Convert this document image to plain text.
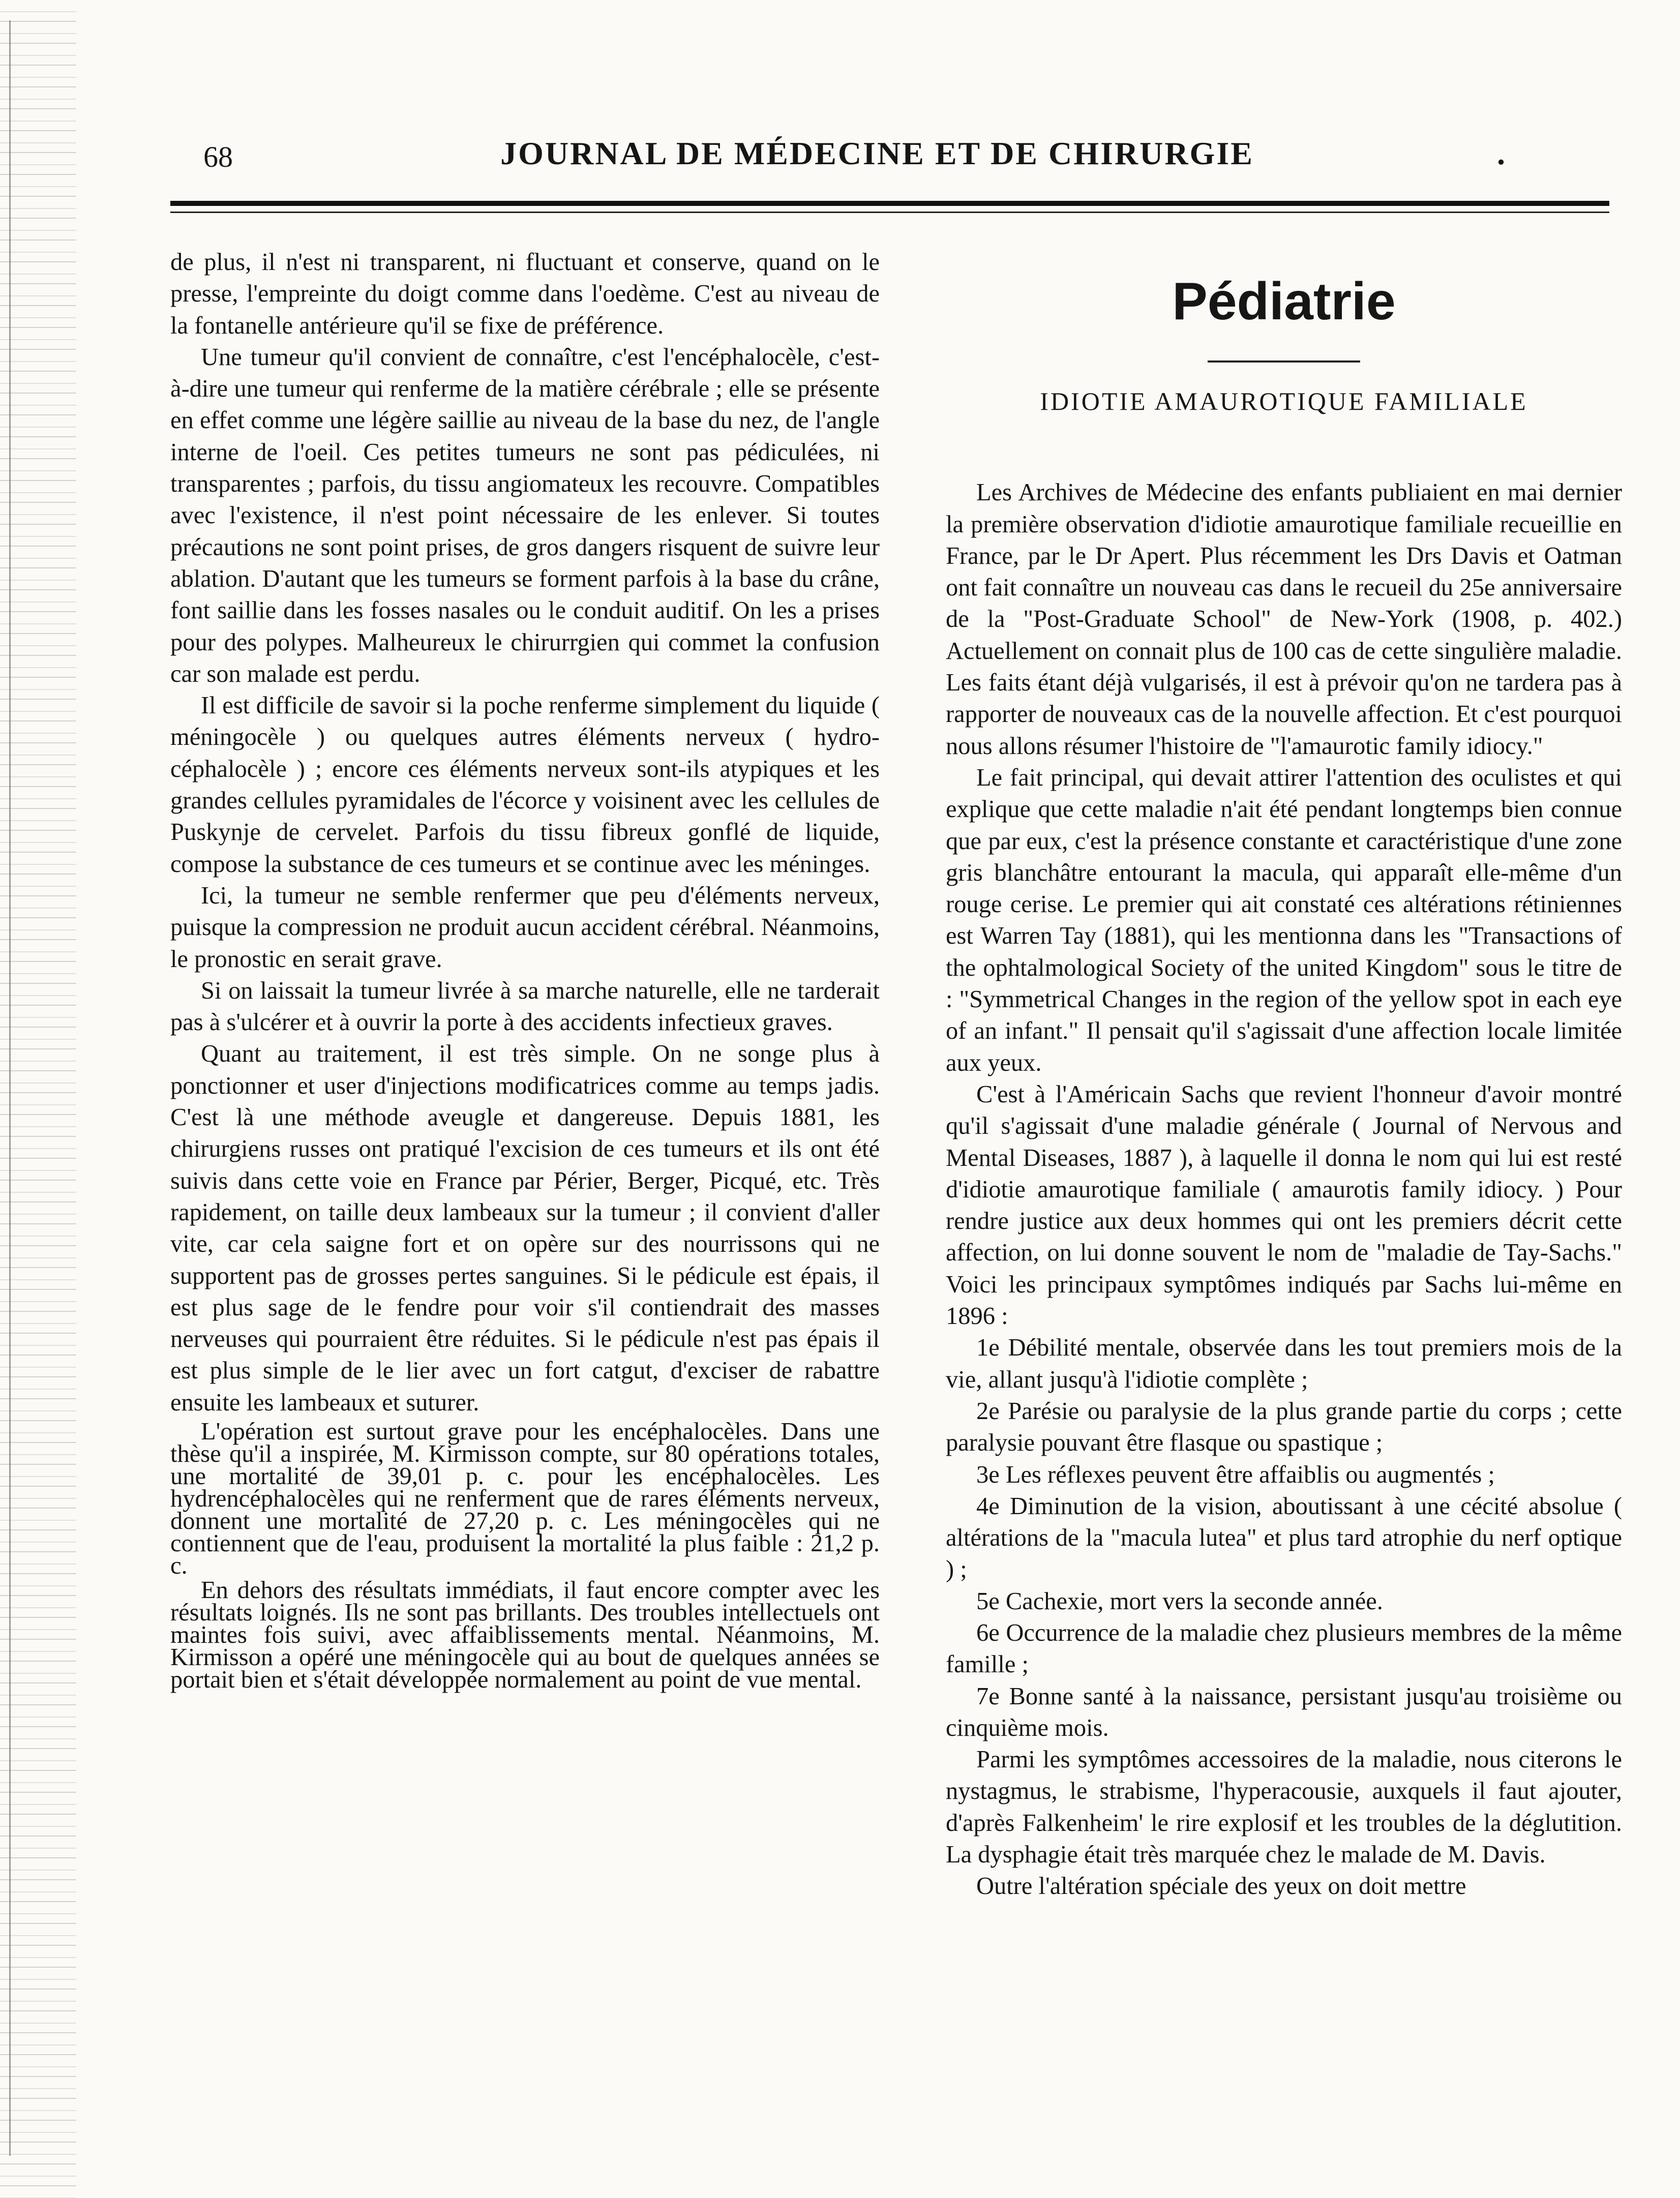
68	JOURNAL DE MÉDECINE ET DE CHIRURGIE	.

de plus, il n'est ni transparent, ni fluctuant et conserve, quand on le presse, l'empreinte du doigt comme dans l'oedème. C'est au niveau de la fontanelle antérieure qu'il se fixe de préférence.

Une tumeur qu'il convient de connaître, c'est l'encéphalocèle, c'est-à-dire une tumeur qui renferme de la matière cérébrale ; elle se présente en effet comme une légère saillie au niveau de la base du nez, de l'angle interne de l'oeil. Ces petites tumeurs ne sont pas pédiculées, ni transparentes ; parfois, du tissu angiomateux les recouvre. Compatibles avec l'existence, il n'est point nécessaire de les enlever. Si toutes précautions ne sont point prises, de gros dangers risquent de suivre leur ablation. D'autant que les tumeurs se forment parfois à la base du crâne, font saillie dans les fosses nasales ou le conduit auditif. On les a prises pour des polypes. Malheureux le chirurrgien qui commet la confusion car son malade est perdu.

Il est difficile de savoir si la poche renferme simplement du liquide ( méningocèle ) ou quelques autres éléments nerveux ( hydro-céphalocèle ) ; encore ces éléments nerveux sont-ils atypiques et les grandes cellules pyramidales de l'écorce y voisinent avec les cellules de Puskynje de cervelet. Parfois du tissu fibreux gonflé de liquide, compose la substance de ces tumeurs et se continue avec les méninges.

Ici, la tumeur ne semble renfermer que peu d'éléments nerveux, puisque la compression ne produit aucun accident cérébral. Néanmoins, le pronostic en serait grave.

Si on laissait la tumeur livrée à sa marche naturelle, elle ne tarderait pas à s'ulcérer et à ouvrir la porte à des accidents infectieux graves.

Quant au traitement, il est très simple. On ne songe plus à ponctionner et user d'injections modificatrices comme au temps jadis. C'est là une méthode aveugle et dangereuse. Depuis 1881, les chirurgiens russes ont pratiqué l'excision de ces tumeurs et ils ont été suivis dans cette voie en France par Périer, Berger, Picqué, etc. Très rapidement, on taille deux lambeaux sur la tumeur ; il convient d'aller vite, car cela saigne fort et on opère sur des nourrissons qui ne supportent pas de grosses pertes sanguines. Si le pédicule est épais, il est plus sage de le fendre pour voir s'il contiendrait des masses nerveuses qui pourraient être réduites. Si le pédicule n'est pas épais il est plus simple de le lier avec un fort catgut, d'exciser de rabattre ensuite les lambeaux et suturer.

L'opération est surtout grave pour les encéphalocèles. Dans une thèse qu'il a inspirée, M. Kirmisson compte, sur 80 opérations totales, une mortalité de 39,01 p. c. pour les encéphalocèles. Les hydrencéphalocèles qui ne renferment que de rares éléments nerveux, donnent une mortalité de 27,20 p. c. Les méningocèles qui ne contiennent que de l'eau, produisent la mortalité la plus faible : 21,2 p. c.

En dehors des résultats immédiats, il faut encore compter avec les résultats loignés. Ils ne sont pas brillants. Des troubles intellectuels ont maintes fois suivi, avec affaiblissements mental. Néanmoins, M. Kirmisson a opéré une méningocèle qui au bout de quelques années se portait bien et s'était développée normalement au point de vue mental.

Pédiatrie
IDIOTIE AMAUROTIQUE FAMILIALE

Les Archives de Médecine des enfants publiaient en mai dernier la première observation d'idiotie amaurotique familiale recueillie en France, par le Dr Apert. Plus récemment les Drs Davis et Oatman ont fait connaître un nouveau cas dans le recueil du 25e anniversaire de la "Post-Graduate School" de New-York (1908, p. 402.) Actuellement on connait plus de 100 cas de cette singulière maladie. Les faits étant déjà vulgarisés, il est à prévoir qu'on ne tardera pas à rapporter de nouveaux cas de la nouvelle affection. Et c'est pourquoi nous allons résumer l'histoire de "l'amaurotic family idiocy."

Le fait principal, qui devait attirer l'attention des oculistes et qui explique que cette maladie n'ait été pendant longtemps bien connue que par eux, c'est la présence constante et caractéristique d'une zone gris blanchâtre entourant la macula, qui apparaît elle-même d'un rouge cerise. Le premier qui ait constaté ces altérations rétiniennes est Warren Tay (1881), qui les mentionna dans les "Transactions of the ophtalmological Society of the united Kingdom" sous le titre de : "Symmetrical Changes in the region of the yellow spot in each eye of an infant." Il pensait qu'il s'agissait d'une affection locale limitée aux yeux.

C'est à l'Américain Sachs que revient l'honneur d'avoir montré qu'il s'agissait d'une maladie générale ( Journal of Nervous and Mental Diseases, 1887 ), à laquelle il donna le nom qui lui est resté d'idiotie amaurotique familiale ( amaurotis family idiocy. ) Pour rendre justice aux deux hommes qui ont les premiers décrit cette affection, on lui donne souvent le nom de "maladie de Tay-Sachs." Voici les principaux symptômes indiqués par Sachs lui-même en 1896 :

1e Débilité mentale, observée dans les tout premiers mois de la vie, allant jusqu'à l'idiotie complète ;

2e Parésie ou paralysie de la plus grande partie du corps ; cette paralysie pouvant être flasque ou spastique ;

3e Les réflexes peuvent être affaiblis ou augmentés ;

4e Diminution de la vision, aboutissant à une cécité absolue ( altérations de la "macula lutea" et plus tard atrophie du nerf optique ) ;

5e Cachexie, mort vers la seconde année.

6e Occurrence de la maladie chez plusieurs membres de la même famille ;

7e Bonne santé à la naissance, persistant jusqu'au troisième ou cinquième mois.

Parmi les symptômes accessoires de la maladie, nous citerons le nystagmus, le strabisme, l'hyperacousie, auxquels il faut ajouter, d'après Falkenheim' le rire explosif et les troubles de la déglutition. La dysphagie était très marquée chez le malade de M. Davis.

Outre l'altération spéciale des yeux on doit mettre
